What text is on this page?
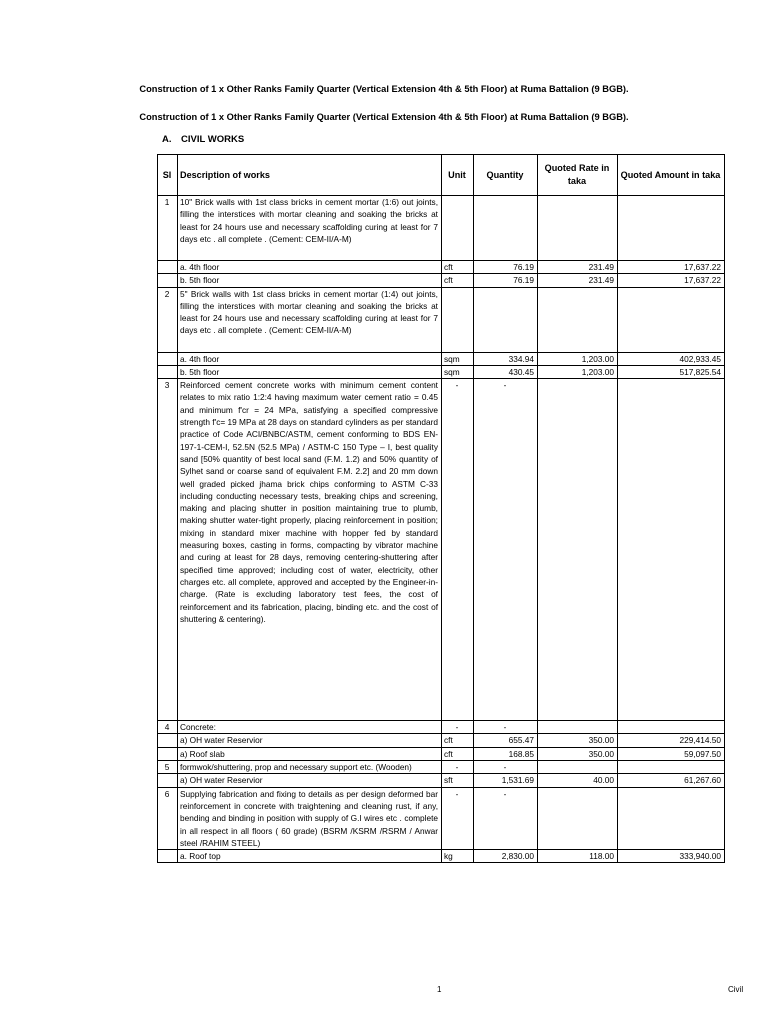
Construction of 1 x Other Ranks Family Quarter (Vertical Extension 4th & 5th Floor) at Ruma Battalion (9 BGB).
Construction of 1 x Other Ranks Family Quarter (Vertical Extension 4th & 5th Floor) at Ruma Battalion (9 BGB).
A. CIVIL WORKS
Sl	Description of works	Unit	Quantity	Quoted Rate in taka	Quoted Amount in taka
1	10" Brick walls with 1st class bricks in cement mortar (1:6) out joints, filling the interstices with mortar cleaning and soaking the bricks at least for 24 hours use and necessary scaffolding curing at least for 7 days etc . all complete . (Cement: CEM-II/A-M)				
	a. 4th floor	cft	76.19	231.49	17,637.22
	b. 5th floor	cft	76.19	231.49	17,637.22
2	5" Brick walls with 1st class bricks in cement mortar (1:4) out joints, filling the interstices with mortar cleaning and soaking the bricks at least for 24 hours use and necessary scaffolding curing at least for 7 days etc . all complete . (Cement: CEM-II/A-M)				
	a. 4th floor	sqm	334.94	1,203.00	402,933.45
	b. 5th floor	sqm	430.45	1,203.00	517,825.54
3	Reinforced cement concrete works with minimum cement content relates to mix ratio 1:2:4 having maximum water cement ratio = 0.45 and minimum f'cr = 24 MPa, satisfying a specified compressive strength f'c= 19 MPa at 28 days on standard cylinders as per standard practice of Code ACI/BNBC/ASTM, cement conforming to BDS EN-197-1-CEM-I, 52.5N (52.5 MPa) / ASTM-C 150 Type – I, best quality sand [50% quantity of best local sand (F.M. 1.2) and 50% quantity of Sylhet sand or coarse sand of equivalent F.M. 2.2] and 20 mm down well graded picked jhama brick chips conforming to ASTM C-33 including conducting necessary tests, breaking chips and screening, making and placing shutter in position maintaining true to plumb, making shutter water-tight properly, placing reinforcement in position; mixing in standard mixer machine with hopper fed by standard measuring boxes, casting in forms, compacting by vibrator machine and curing at least for 28 days, removing centering-shuttering after specified time approved; including cost of water, electricity, other charges etc. all complete, approved and accepted by the Engineer-in-charge. (Rate is excluding laboratory test fees, the cost of reinforcement and its fabrication, placing, binding etc. and the cost of shuttering & centering).	-	-		
4	Concrete:	-	-		
	a) OH water Reservior	cft	655.47	350.00	229,414.50
	a) Roof slab	cft	168.85	350.00	59,097.50
5	formwok/shuttering, prop and necessary support etc. (Wooden)	-	-		
	a) OH water Reservior	sft	1,531.69	40.00	61,267.60
6	Supplying fabrication and fixing to details as per design deformed bar reinforcement in concrete with traightening and cleaning rust, if any, bending and binding in position with supply of G.I wires etc . complete in all respect in all floors ( 60 grade) (BSRM /KSRM /RSRM / Anwar steel /RAHIM STEEL)	-	-		
	a. Roof top	kg	2,830.00	118.00	333,940.00
1	Civil
